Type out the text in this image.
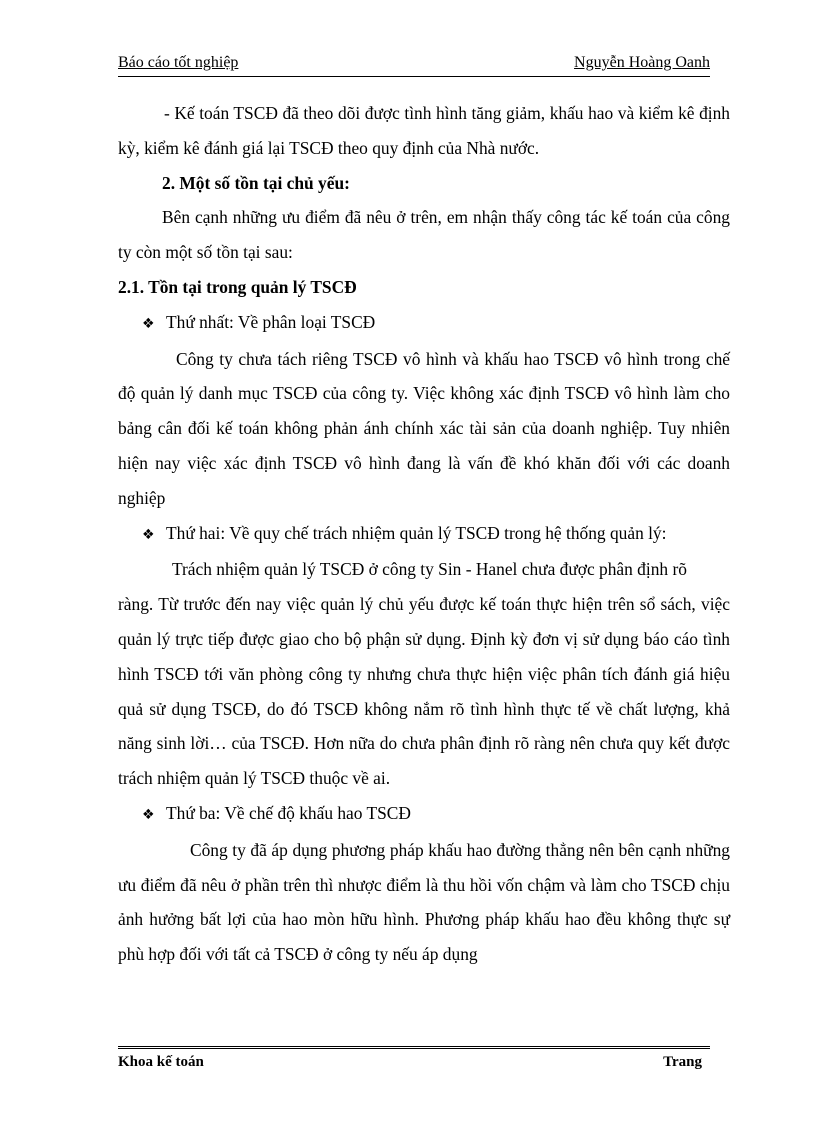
Báo cáo tốt nghiệp	Nguyễn Hoàng Oanh

- Kế toán TSCĐ đã theo dõi được tình hình tăng giảm, khấu hao và kiểm kê định kỳ, kiểm kê đánh giá lại TSCĐ theo quy định của Nhà nước.

2. Một số tồn tại chủ yếu:

Bên cạnh những ưu điểm đã nêu ở trên, em nhận thấy công tác kế toán của công ty còn một số tồn tại sau:

2.1. Tồn tại trong quản lý TSCĐ

❖ Thứ nhất: Về phân loại TSCĐ

Công ty chưa tách riêng TSCĐ vô hình và khấu hao TSCĐ vô hình trong chế độ quản lý danh mục TSCĐ của công ty. Việc không xác định TSCĐ vô hình làm cho bảng cân đối kế toán không phản ánh chính xác tài sản của doanh nghiệp. Tuy nhiên hiện nay việc xác định TSCĐ vô hình đang là vấn đề khó khăn đối với các doanh nghiệp

❖ Thứ hai: Về quy chế trách nhiệm quản lý TSCĐ trong hệ thống quản lý:

Trách nhiệm quản lý TSCĐ ở công ty Sin - Hanel chưa được phân định rõ

ràng. Từ trước đến nay việc quản lý chủ yếu được kế toán thực hiện trên sổ sách, việc quản lý trực tiếp được giao cho bộ phận sử dụng. Định kỳ đơn vị sử dụng báo cáo tình hình TSCĐ tới văn phòng công ty nhưng chưa thực hiện việc phân tích đánh giá hiệu quả sử dụng TSCĐ, do đó TSCĐ không nắm rõ tình hình thực tế về chất lượng, khả năng sinh lời… của TSCĐ. Hơn nữa do chưa phân định rõ ràng nên chưa quy kết được trách nhiệm quản lý TSCĐ thuộc về ai.

❖ Thứ ba: Về chế độ khấu hao TSCĐ

Công ty đã áp dụng phương pháp khấu hao đường thẳng nên bên cạnh những ưu điểm đã nêu ở phần trên thì nhược điểm là thu hồi vốn chậm và làm cho TSCĐ chịu ảnh hưởng bất lợi của hao mòn hữu hình. Phương pháp khấu hao đều không thực sự phù hợp đối với tất cả TSCĐ ở công ty nếu áp dụng

Khoa kế toán	Trang
